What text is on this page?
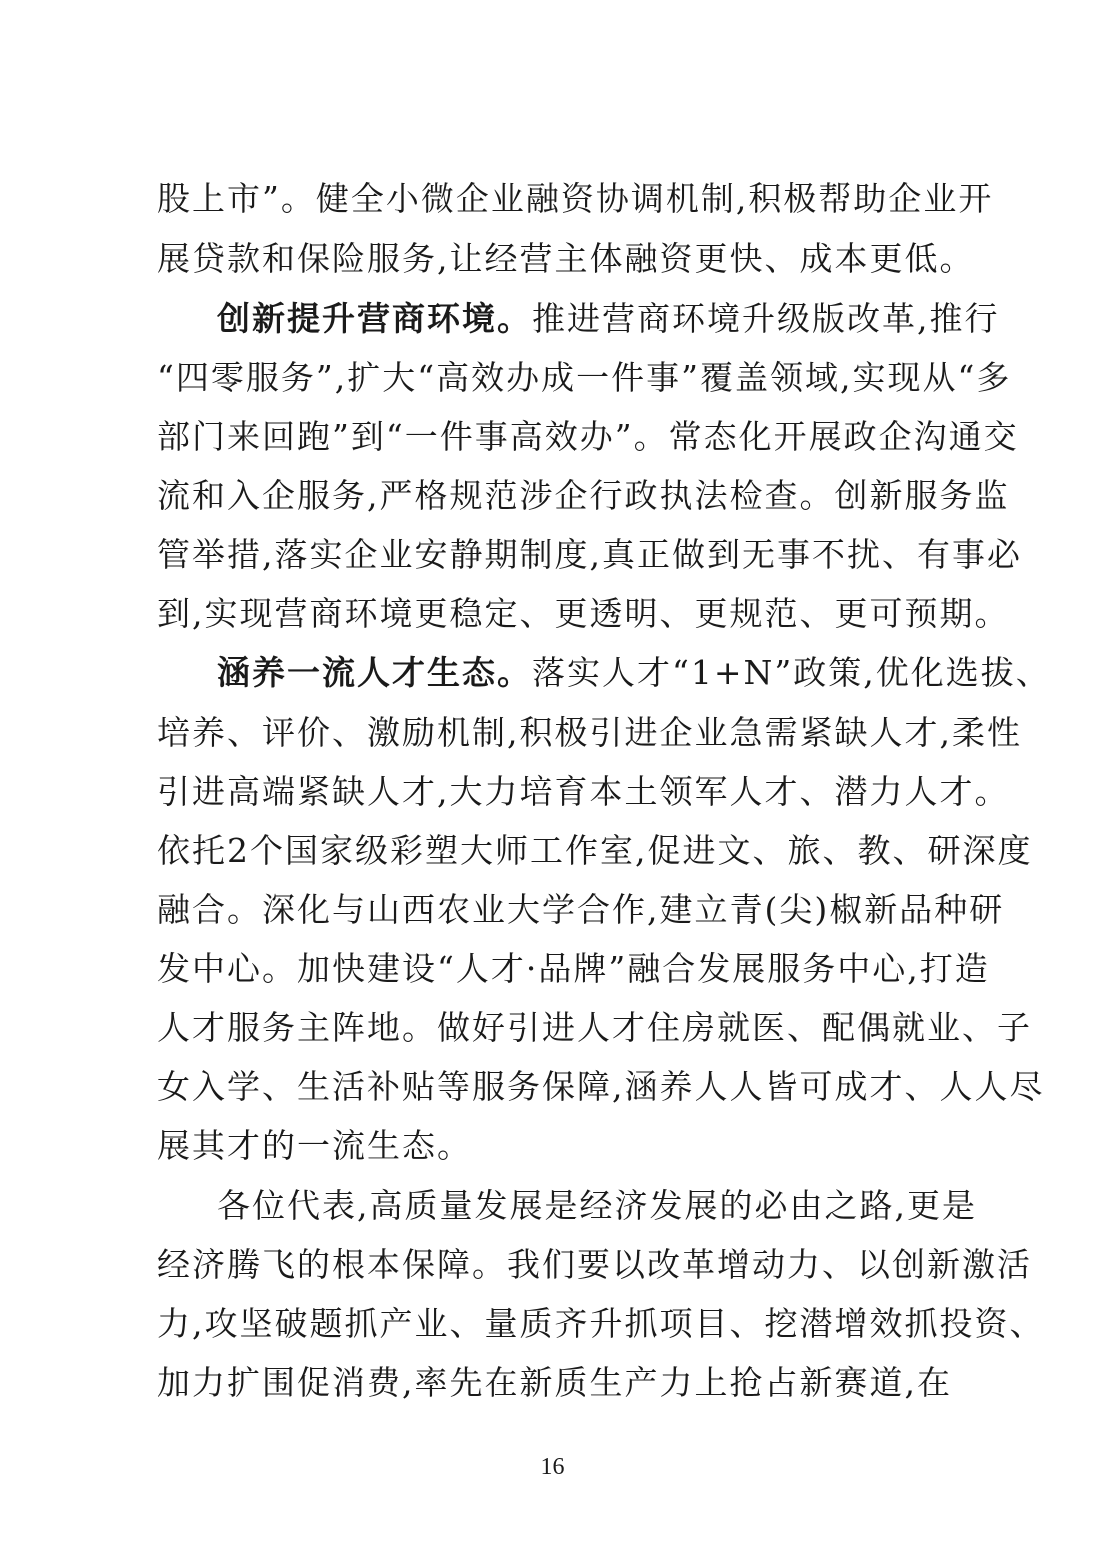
股上市”。健全小微企业融资协调机制,积极帮助企业开
展贷款和保险服务,让经营主体融资更快、成本更低。
创新提升营商环境。推进营商环境升级版改革,推行
“四零服务”,扩大“高效办成一件事”覆盖领域,实现从“多
部门来回跑”到“一件事高效办”。常态化开展政企沟通交
流和入企服务,严格规范涉企行政执法检查。创新服务监
管举措,落实企业安静期制度,真正做到无事不扰、有事必
到,实现营商环境更稳定、更透明、更规范、更可预期。
涵养一流人才生态。落实人才“1+N”政策,优化选拔、
培养、评价、激励机制,积极引进企业急需紧缺人才,柔性
引进高端紧缺人才,大力培育本土领军人才、潜力人才。
依托2个国家级彩塑大师工作室,促进文、旅、教、研深度
融合。深化与山西农业大学合作,建立青(尖)椒新品种研
发中心。加快建设“人才·品牌”融合发展服务中心,打造
人才服务主阵地。做好引进人才住房就医、配偶就业、子
女入学、生活补贴等服务保障,涵养人人皆可成才、人人尽
展其才的一流生态。
各位代表,高质量发展是经济发展的必由之路,更是
经济腾飞的根本保障。我们要以改革增动力、以创新激活
力,攻坚破题抓产业、量质齐升抓项目、挖潜增效抓投资、
加力扩围促消费,率先在新质生产力上抢占新赛道,在
16
